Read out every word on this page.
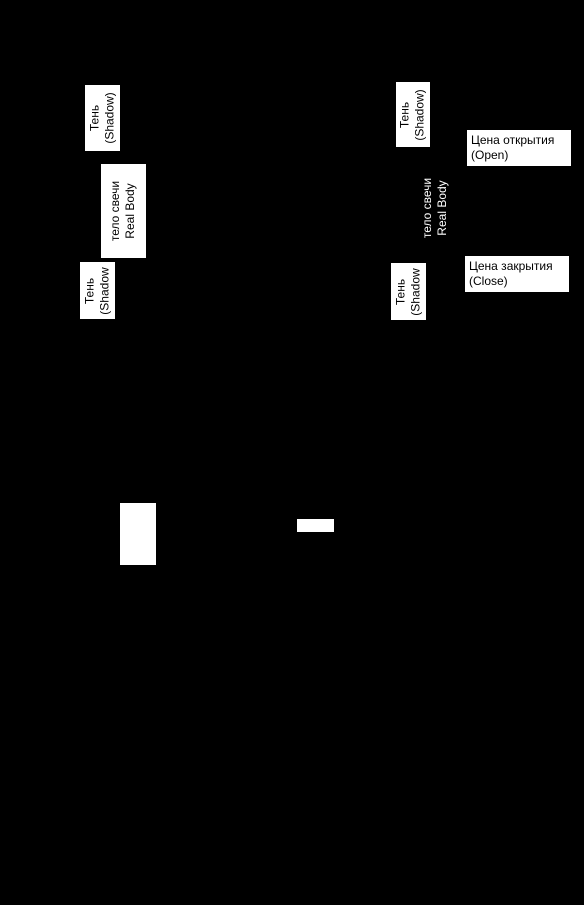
Тень (Shadow)
тело свечи Real Body
Тень (Shadow
Тень (Shadow)
тело свечи Real Body
Тень (Shadow
Цена открытия
(Open)
Цена закрытия
(Close)
